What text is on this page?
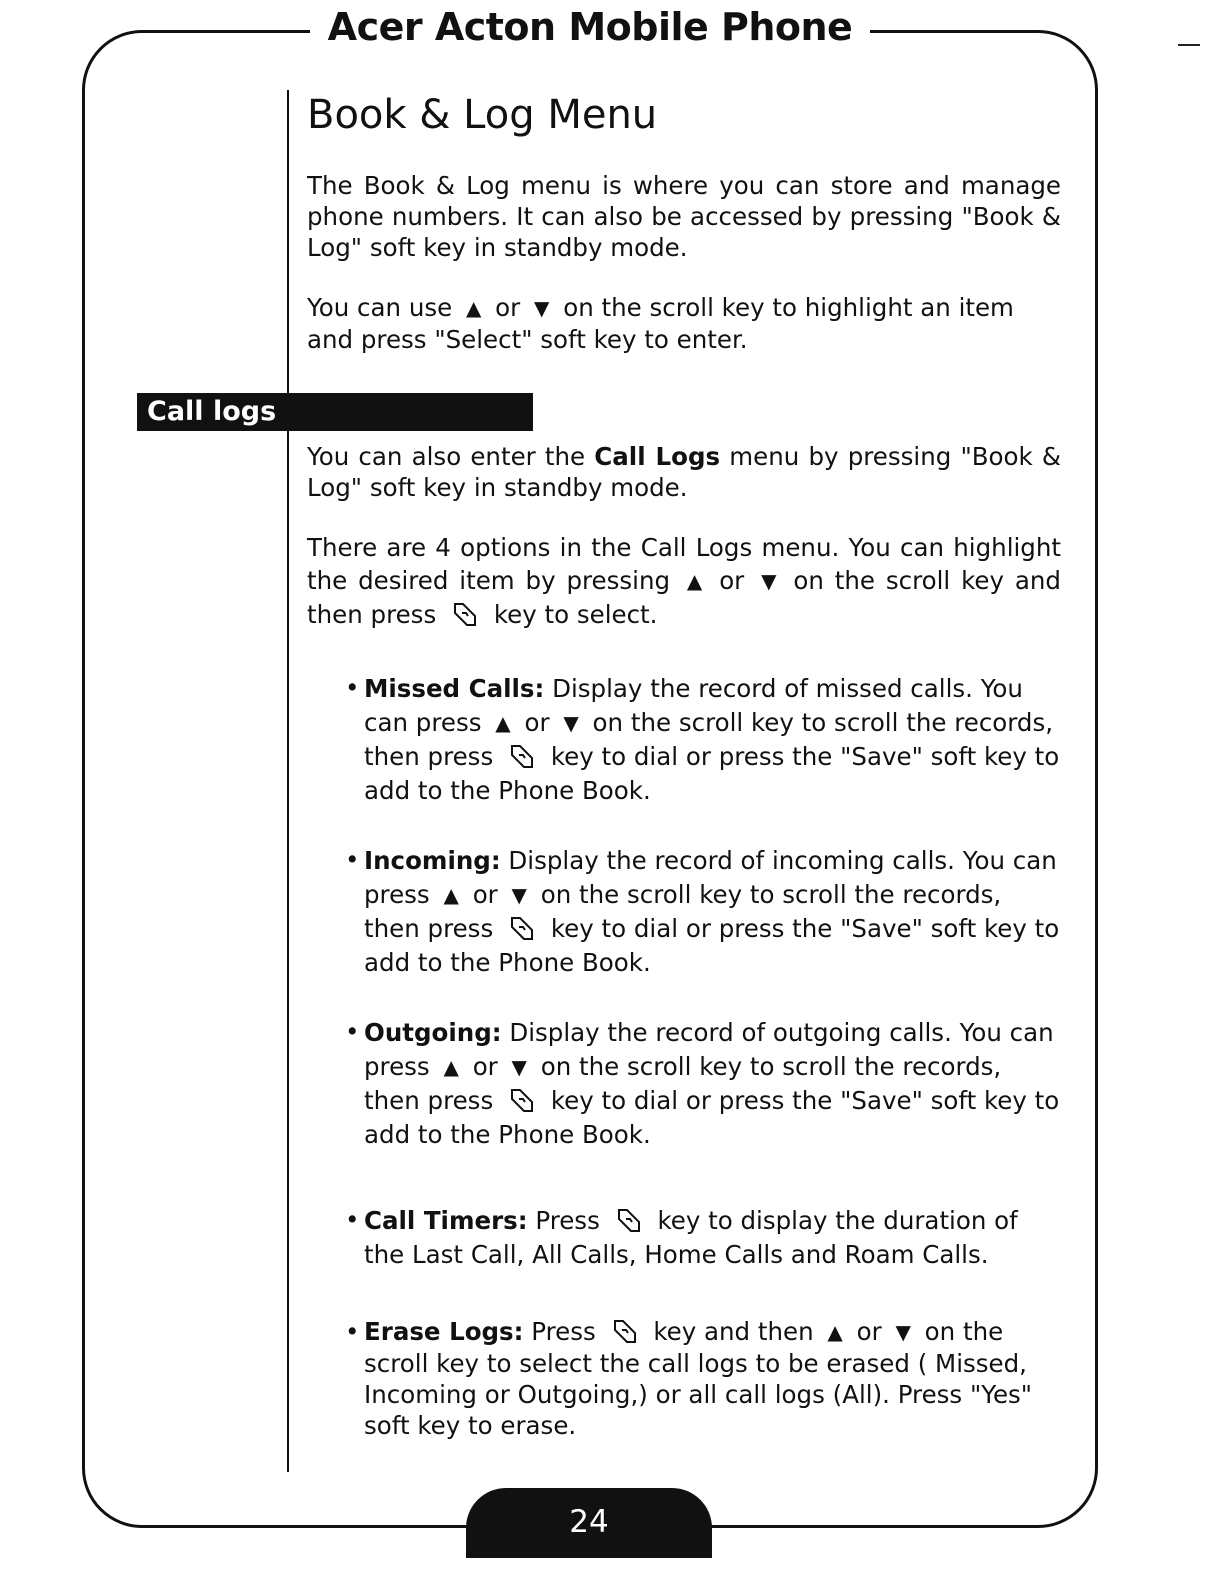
Acer Acton Mobile Phone
Book & Log Menu

The Book & Log menu is where you can store and manage phone numbers. It can also be accessed by pressing "Book & Log" soft key in standby mode.

You can use ▲ or ▼ on the scroll key to highlight an item and press "Select" soft key to enter.

Call logs

You can also enter the Call Logs menu by pressing "Book & Log" soft key in standby mode.

There are 4 options in the Call Logs menu. You can highlight the desired item by pressing ▲ or ▼ on the scroll key and then press key to select.

• Missed Calls: Display the record of missed calls. You can press ▲ or ▼ on the scroll key to scroll the records, then press key to dial or press the "Save" soft key to add to the Phone Book.
• Incoming: Display the record of incoming calls. You can press ▲ or ▼ on the scroll key to scroll the records, then press key to dial or press the "Save" soft key to add to the Phone Book.
• Outgoing: Display the record of outgoing calls. You can press ▲ or ▼ on the scroll key to scroll the records, then press key to dial or press the "Save" soft key to add to the Phone Book.
• Call Timers: Press key to display the duration of the Last Call, All Calls, Home Calls and Roam Calls.
• Erase Logs: Press key and then ▲ or ▼ on the scroll key to select the call logs to be erased ( Missed, Incoming or Outgoing,) or all call logs (All). Press "Yes" soft key to erase.
24
